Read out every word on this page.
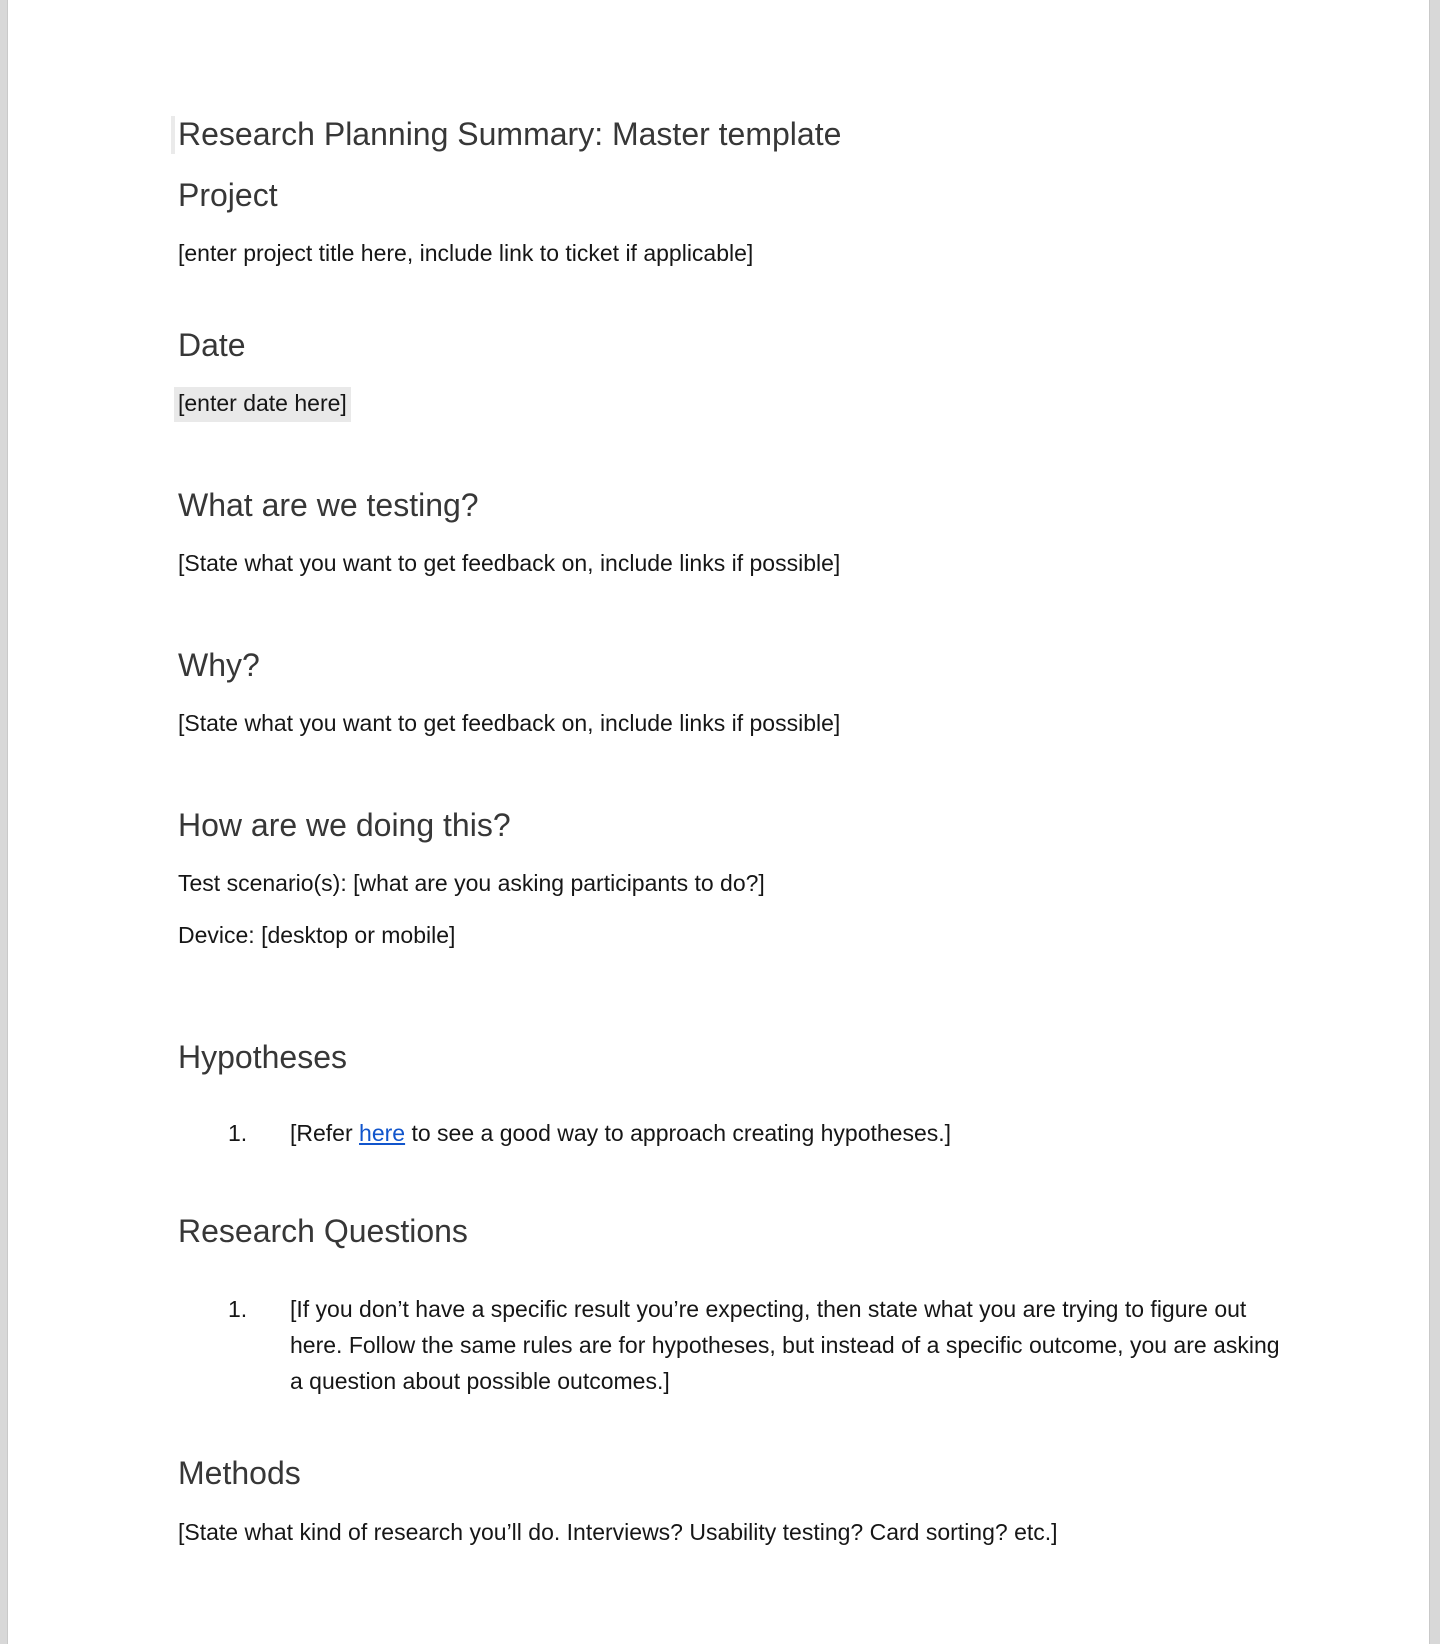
Research Planning Summary: Master template
Project

[enter project title here, include link to ticket if applicable]

Date

[enter date here]

What are we testing?

[State what you want to get feedback on, include links if possible]

Why?

[State what you want to get feedback on, include links if possible]

How are we doing this?

Test scenario(s): [what are you asking participants to do?]

Device: [desktop or mobile]

Hypotheses
1. [Refer here to see a good way to approach creating hypotheses.]
Research Questions
1. [If you don’t have a specific result you’re expecting, then state what you are trying to figure out here. Follow the same rules are for hypotheses, but instead of a specific outcome, you are asking a question about possible outcomes.]
Methods

[State what kind of research you’ll do. Interviews? Usability testing? Card sorting? etc.]
